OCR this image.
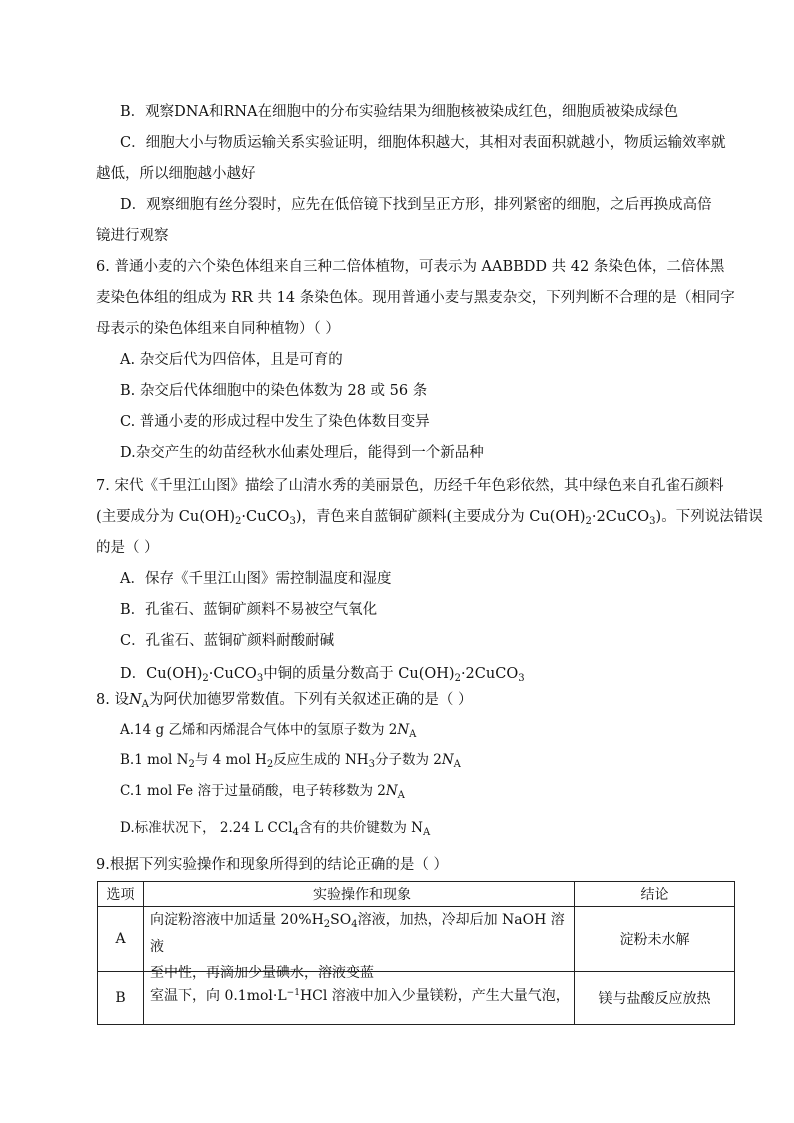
B．观察DNA和RNA在细胞中的分布实验结果为细胞核被染成红色，细胞质被染成绿色
C．细胞大小与物质运输关系实验证明，细胞体积越大，其相对表面积就越小，物质运输效率就
越低，所以细胞越小越好
D．观察细胞有丝分裂时，应先在低倍镜下找到呈正方形，排列紧密的细胞，之后再换成高倍
镜进行观察
6. 普通小麦的六个染色体组来自三种二倍体植物，可表示为 AABBDD 共 42 条染色体，二倍体黑
麦染色体组的组成为 RR 共 14 条染色体。现用普通小麦与黑麦杂交，下列判断不合理的是（相同字
母表示的染色体组来自同种植物）（ ）
A. 杂交后代为四倍体，且是可育的
B. 杂交后代体细胞中的染色体数为 28 或 56 条
C. 普通小麦的形成过程中发生了染色体数目变异
D.杂交产生的幼苗经秋水仙素处理后，能得到一个新品种
7. 宋代《千里江山图》描绘了山清水秀的美丽景色，历经千年色彩依然，其中绿色来自孔雀石颜料
(主要成分为 $Cu(OH)_2\cdot CuCO_3$)，青色来自蓝铜矿颜料(主要成分为 $Cu(OH)_2\cdot 2CuCO_3$)。下列说法错误
的是（ ）
A．保存《千里江山图》需控制温度和湿度
B．孔雀石、蓝铜矿颜料不易被空气氧化
C．孔雀石、蓝铜矿颜料耐酸耐碱
D．$Cu(OH)_2\cdot CuCO_3$中铜的质量分数高于 $Cu(OH)_2\cdot 2CuCO_3$
8. 设$N_A$为阿伏加德罗常数值。下列有关叙述正确的是（ ）
A.14 g 乙烯和丙烯混合气体中的氢原子数为 $2N_A$
B.1 mol $N_2$与 4 mol $H_2$反应生成的 $NH_3$分子数为 $2N_A$
C.1 mol Fe 溶于过量硝酸，电子转移数为 $2N_A$
D.标准状况下， 2.24 L CCl$_4$含有的共价键数为 $N_A$
9.根据下列实验操作和现象所得到的结论正确的是（ ）
选项	实验操作和现象	结论
A	向淀粉溶液中加适量 $20\%H_2SO_4$溶液，加热，冷却后加 NaOH 溶液
至中性，再滴加少量碘水，溶液变蓝	淀粉未水解
B	室温下，向 $0.1mol\cdot L^{-1}HCl$ 溶液中加入少量镁粉，产生大量气泡，	镁与盐酸反应放热
